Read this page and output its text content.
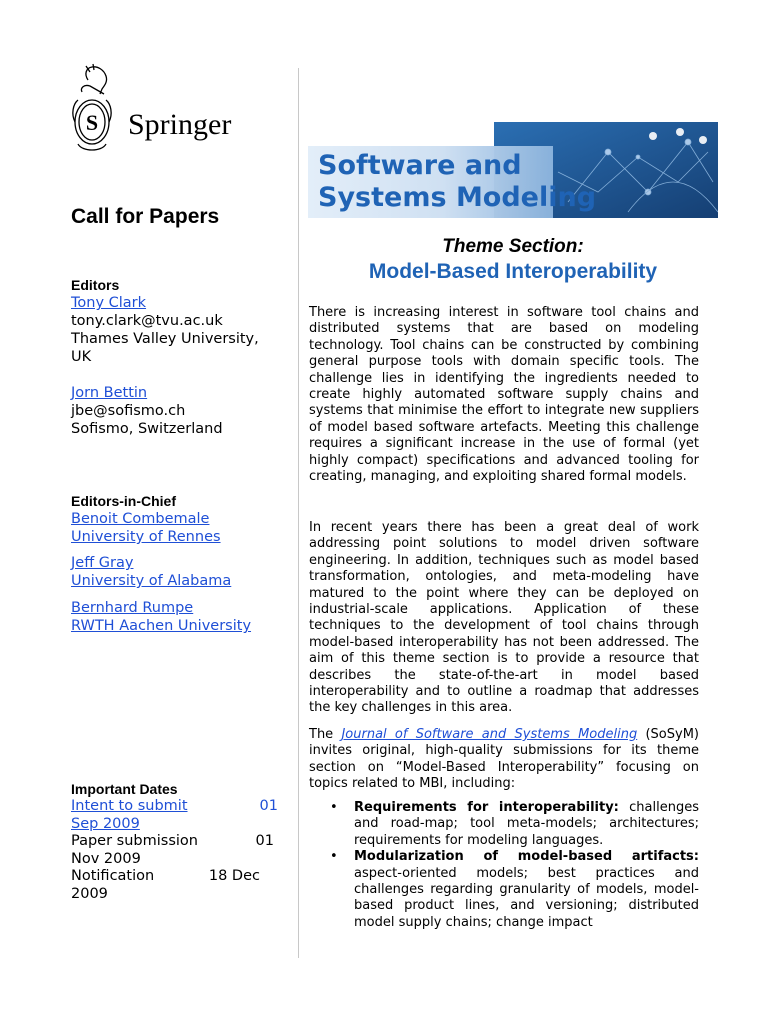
S Springer
Call for Papers
Editors
Tony Clark
tony.clark@tvu.ac.uk
Thames Valley University,
UK
Jorn Bettin
jbe@sofismo.ch
Sofismo, Switzerland
Editors-in-Chief
Benoit Combemale
University of Rennes
Jeff Gray
University of Alabama
Bernhard Rumpe
RWTH Aachen University
Important Dates
Intent to submit	01
Sep 2009
Paper submission	01
Nov 2009
Notification	18 Dec
2009
Software and
Systems Modeling
Theme Section:
Model-Based Interoperability
There is increasing interest in software tool chains and distributed systems that are based on modeling technology. Tool chains can be constructed by combining general purpose tools with domain specific tools. The challenge lies in identifying the ingredients needed to create highly automated software supply chains and systems that minimise the effort to integrate new suppliers of model based software artefacts. Meeting this challenge requires a significant increase in the use of formal (yet highly compact) specifications and advanced tooling for creating, managing, and exploiting shared formal models.
In recent years there has been a great deal of work addressing point solutions to model driven software engineering. In addition, techniques such as model based transformation, ontologies, and meta-modeling have matured to the point where they can be deployed on industrial-scale applications. Application of these techniques to the development of tool chains through model-based interoperability has not been addressed. The aim of this theme section is to provide a resource that describes the state-of-the-art in model based interoperability and to outline a roadmap that addresses the key challenges in this area.
The Journal of Software and Systems Modeling (SoSyM) invites original, high-quality submissions for its theme section on “Model-Based Interoperability” focusing on topics related to MBI, including:
• Requirements for interoperability: challenges and road-map; tool meta-models; architectures; requirements for modeling languages.
• Modularization of model-based artifacts: aspect-oriented models; best practices and challenges regarding granularity of models, model-based product lines, and versioning; distributed model supply chains; change impact
